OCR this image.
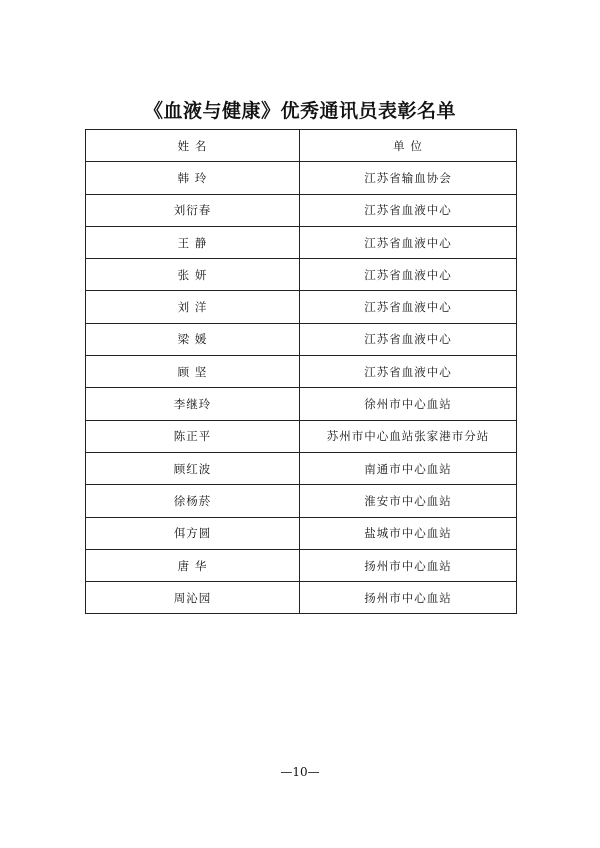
《血液与健康》优秀通讯员表彰名单
姓 名	单 位
韩 玲	江苏省输血协会
刘衍春	江苏省血液中心
王 静	江苏省血液中心
张 妍	江苏省血液中心
刘 洋	江苏省血液中心
梁 媛	江苏省血液中心
顾 坚	江苏省血液中心
李继玲	徐州市中心血站
陈正平	苏州市中心血站张家港市分站
顾红波	南通市中心血站
徐杨菸	淮安市中心血站
佴方圆	盐城市中心血站
唐 华	扬州市中心血站
周沁园	扬州市中心血站
—10—
